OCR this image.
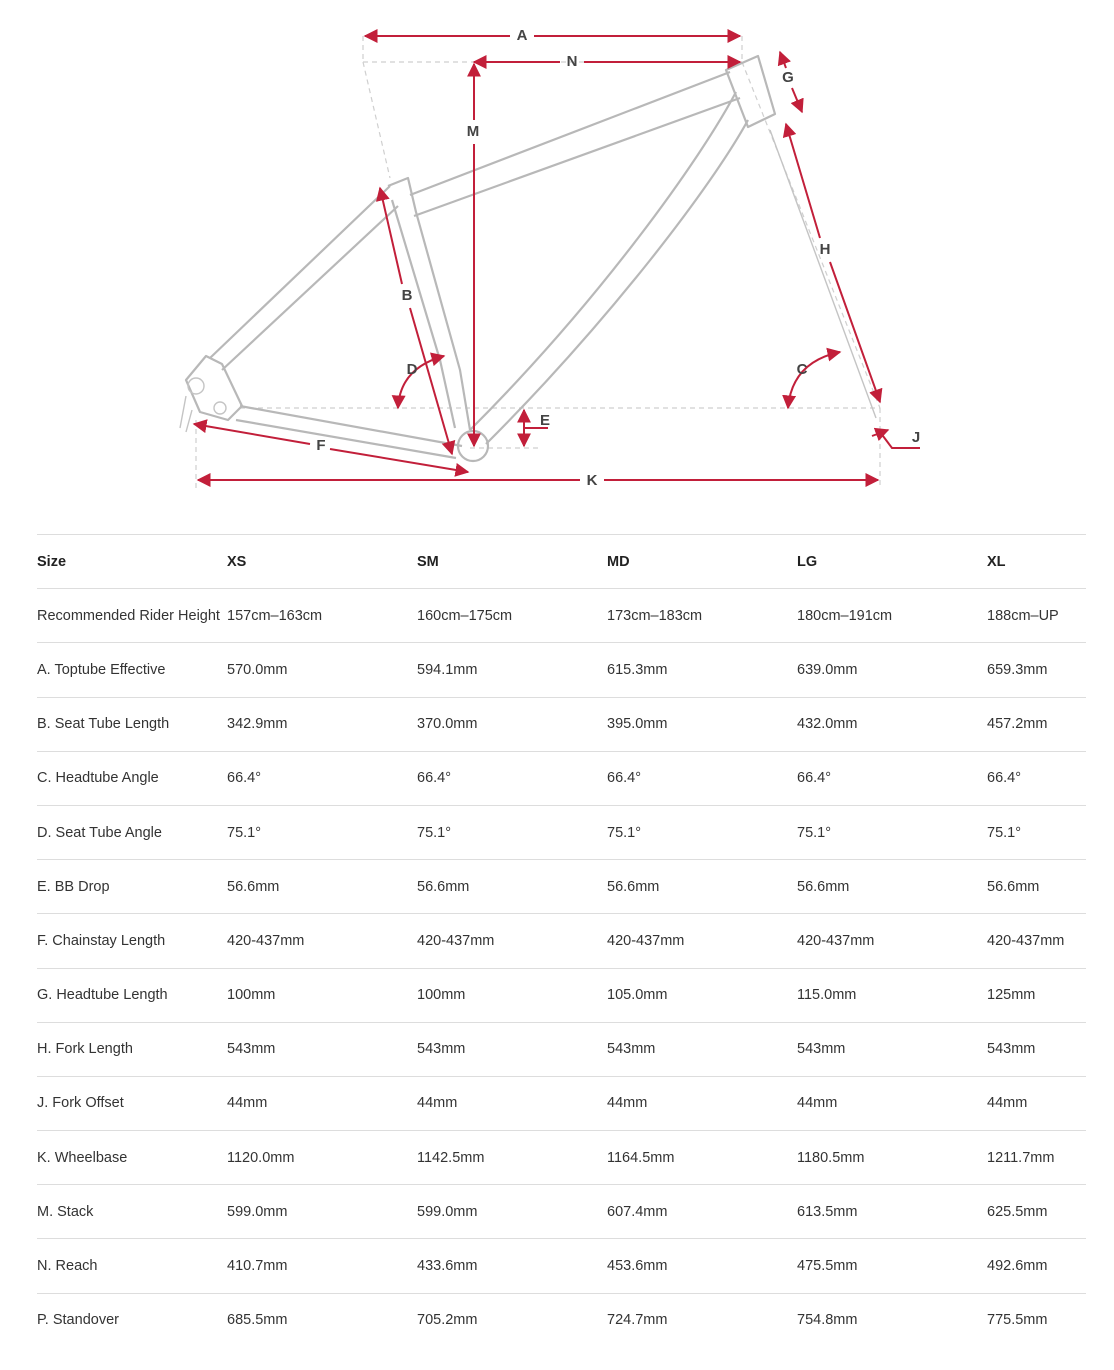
A
N
M
G
H
B
D	C
E
F	J
K
Size	XS	SM	MD	LG	XL
Recommended Rider Height 157cm–163cm	160cm–175cm	173cm–183cm	180cm–191cm	188cm–UP
A. Toptube Effective	570.0mm	594.1mm	615.3mm	639.0mm	659.3mm
B. Seat Tube Length	342.9mm	370.0mm	395.0mm	432.0mm	457.2mm
C. Headtube Angle	66.4°	66.4°	66.4°	66.4°	66.4°
D. Seat Tube Angle	75.1°	75.1°	75.1°	75.1°	75.1°
E. BB Drop	56.6mm	56.6mm	56.6mm	56.6mm	56.6mm
F. Chainstay Length	420-437mm	420-437mm	420-437mm	420-437mm	420-437mm
G. Headtube Length	100mm	100mm	105.0mm	115.0mm	125mm
H. Fork Length	543mm	543mm	543mm	543mm	543mm
J. Fork Offset	44mm	44mm	44mm	44mm	44mm
K. Wheelbase	1120.0mm	1142.5mm	1164.5mm	1180.5mm	1211.7mm
M. Stack	599.0mm	599.0mm	607.4mm	613.5mm	625.5mm
N. Reach	410.7mm	433.6mm	453.6mm	475.5mm	492.6mm
P. Standover	685.5mm	705.2mm	724.7mm	754.8mm	775.5mm
